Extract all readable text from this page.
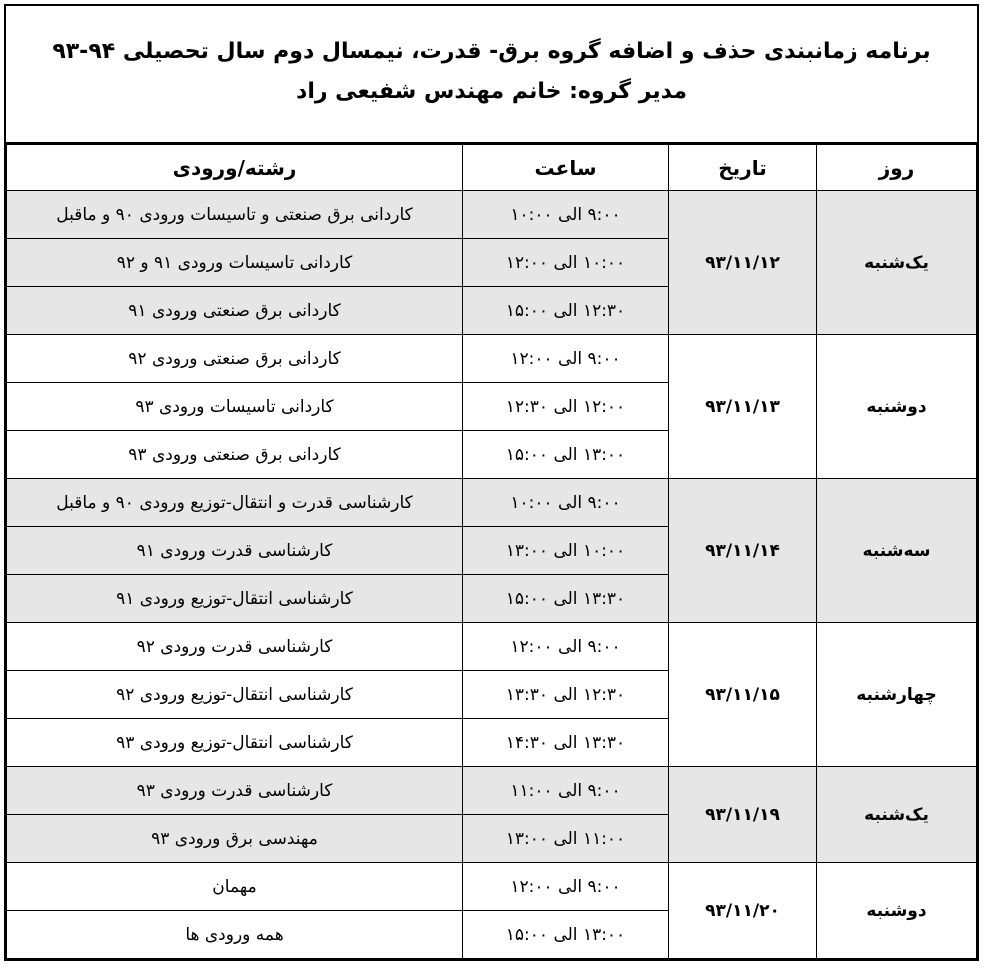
برنامه زمانبندی حذف و اضافه گروه برق- قدرت، نیمسال دوم سال تحصیلی ۹۴-۹۳
مدیر گروه: خانم مهندس شفیعی راد
روز	تاریخ	ساعت	رشته/ورودی
یک‌شنبه	۹۳/۱۱/۱۲	۹:۰۰ الی ۱۰:۰۰	کاردانی برق صنعتی و تاسیسات ورودی ۹۰ و ماقبل
		۱۰:۰۰ الی ۱۲:۰۰	کاردانی تاسیسات ورودی ۹۱ و ۹۲
		۱۲:۳۰ الی ۱۵:۰۰	کاردانی برق صنعتی ورودی ۹۱
دوشنبه	۹۳/۱۱/۱۳	۹:۰۰ الی ۱۲:۰۰	کاردانی برق صنعتی ورودی ۹۲
		۱۲:۰۰ الی ۱۲:۳۰	کاردانی تاسیسات ورودی ۹۳
		۱۳:۰۰ الی ۱۵:۰۰	کاردانی برق صنعتی ورودی ۹۳
سه‌شنبه	۹۳/۱۱/۱۴	۹:۰۰ الی ۱۰:۰۰	کارشناسی قدرت و انتقال-توزیع ورودی ۹۰ و ماقبل
		۱۰:۰۰ الی ۱۳:۰۰	کارشناسی قدرت ورودی ۹۱
		۱۳:۳۰ الی ۱۵:۰۰	کارشناسی انتقال-توزیع ورودی ۹۱
چهارشنبه	۹۳/۱۱/۱۵	۹:۰۰ الی ۱۲:۰۰	کارشناسی قدرت ورودی ۹۲
		۱۲:۳۰ الی ۱۳:۳۰	کارشناسی انتقال-توزیع ورودی ۹۲
		۱۳:۳۰ الی ۱۴:۳۰	کارشناسی انتقال-توزیع ورودی ۹۳
یک‌شنبه	۹۳/۱۱/۱۹	۹:۰۰ الی ۱۱:۰۰	کارشناسی قدرت ورودی ۹۳
		۱۱:۰۰ الی ۱۳:۰۰	مهندسی برق ورودی ۹۳
دوشنبه	۹۳/۱۱/۲۰	۹:۰۰ الی ۱۲:۰۰	مهمان
		۱۳:۰۰ الی ۱۵:۰۰	همه ورودی ها
